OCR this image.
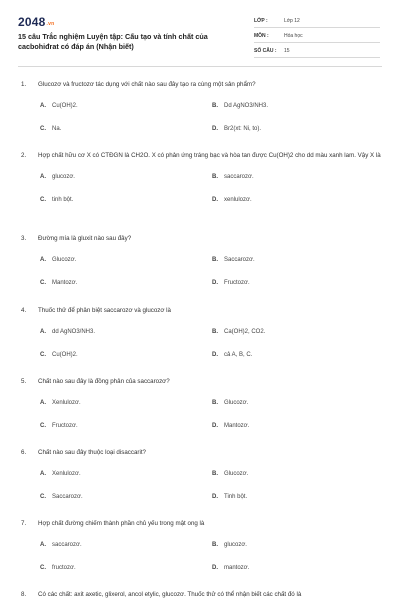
$2048^{.vn}$
15 câu Trắc nghiệm Luyện tập: Cấu tạo và tính chất của cacbohiđrat có đáp án (Nhận biết)
LỚP :	Lớp 12
MÔN :	Hóa học
SỐ CÂU : 15
1. Glucozơ và fructozơ tác dụng với chất nào sau đây tạo ra cùng một sản phẩm?
A. Cu(OH)2.	B. Dd AgNO3/NH3.
C. Na.	D. Br2(xt: Ni, to).
2. Hợp chất hữu cơ X có CTĐGN là CH2O. X có phản ứng tráng bạc và hòa tan được Cu(OH)2 cho dd màu xanh lam. Vậy X là
A. glucozơ.	B. saccarozơ.
C. tinh bột.	D. xenlulozơ.
3. Đường mía là gluxit nào sau đây?
A. Glucozơ.	B. Saccarozơ.
C. Mantozơ.	D. Fructozơ.
4. Thuốc thử để phân biệt saccarozơ và glucozơ là
A. dd AgNO3/NH3.	B. Ca(OH)2, CO2.
C. Cu(OH)2.	D. cả A, B, C.
5. Chất nào sau đây là đồng phân của saccarozơ?
A. Xenlulozơ.	B. Glucozơ.
C. Fructozơ.	D. Mantozơ.
6. Chất nào sau đây thuộc loại disaccarit?
A. Xenlulozơ.	B. Glucozơ.
C. Saccarozơ.	D. Tinh bột.
7. Hợp chất đường chiếm thành phần chủ yếu trong mật ong là
A. saccarozơ.	B. glucozơ.
C. fructozơ.	D. mantozơ.
8. Có các chất: axit axetic, glixerol, ancol etylic, glucozơ. Thuốc thử có thể nhận biết các chất đó là
